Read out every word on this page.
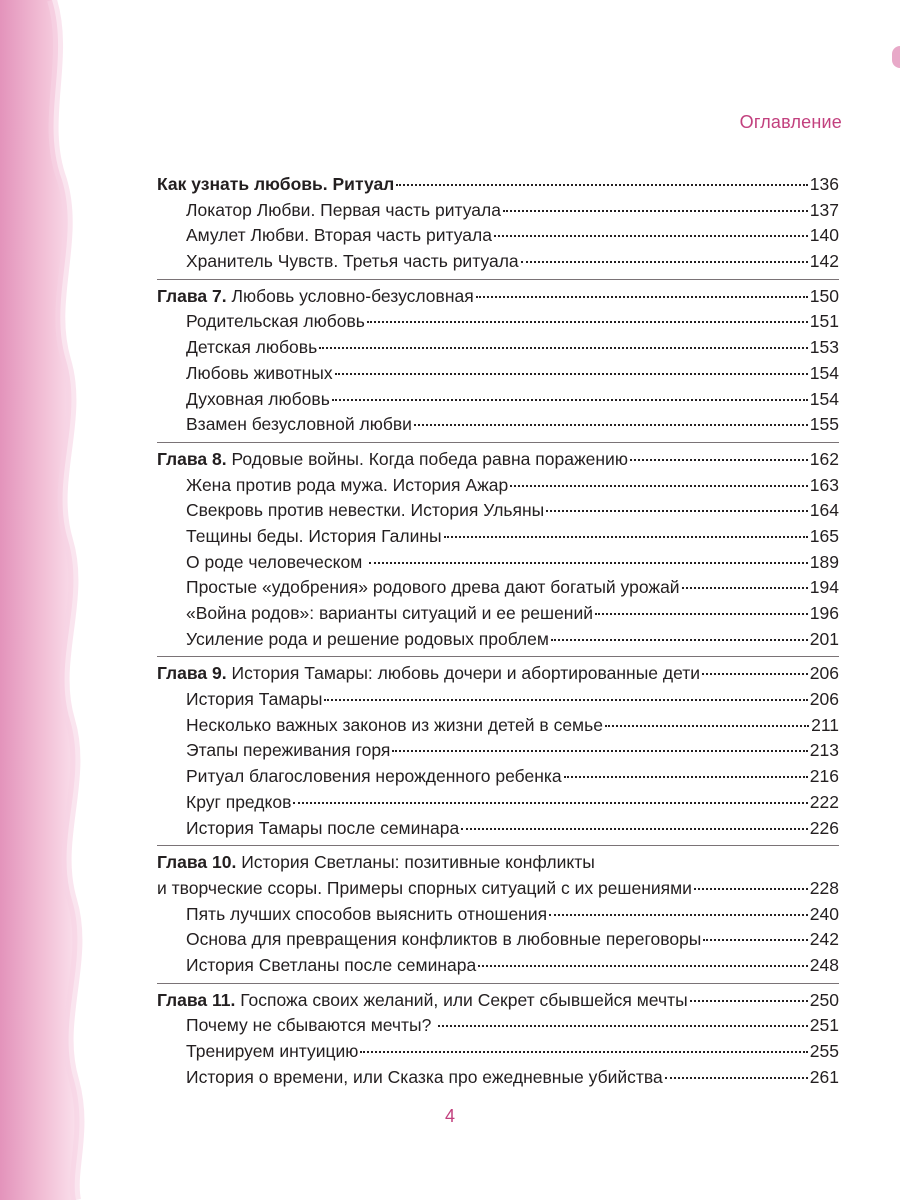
Оглавление
Как узнать любовь. Ритуал	136
Локатор Любви. Первая часть ритуала	137
Амулет Любви. Вторая часть ритуала	140
Хранитель Чувств. Третья часть ритуала	142
Глава 7. Любовь условно-безусловная	150
Родительская любовь	151
Детская любовь	153
Любовь животных	154
Духовная любовь	154
Взамен безусловной любви	155
Глава 8. Родовые войны. Когда победа равна поражению	162
Жена против рода мужа. История Ажар	163
Свекровь против невестки. История Ульяны	164
Тещины беды. История Галины	165
О роде человеческом	189
Простые «удобрения» родового древа дают богатый урожай	194
«Война родов»: варианты ситуаций и ее решений	196
Усиление рода и решение родовых проблем	201
Глава 9. История Тамары: любовь дочери и абортированные дети	206
История Тамары	206
Несколько важных законов из жизни детей в семье	211
Этапы переживания горя	213
Ритуал благословения нерожденного ребенка	216
Круг предков	222
История Тамары после семинара	226
Глава 10. История Светланы: позитивные конфликты
и творческие ссоры. Примеры спорных ситуаций с их решениями	228
Пять лучших способов выяснить отношения	240
Основа для превращения конфликтов в любовные переговоры	242
История Светланы после семинара	248
Глава 11. Госпожа своих желаний, или Секрет сбывшейся мечты	250
Почему не сбываются мечты?	251
Тренируем интуицию	255
История о времени, или Сказка про ежедневные убийства	261
4
